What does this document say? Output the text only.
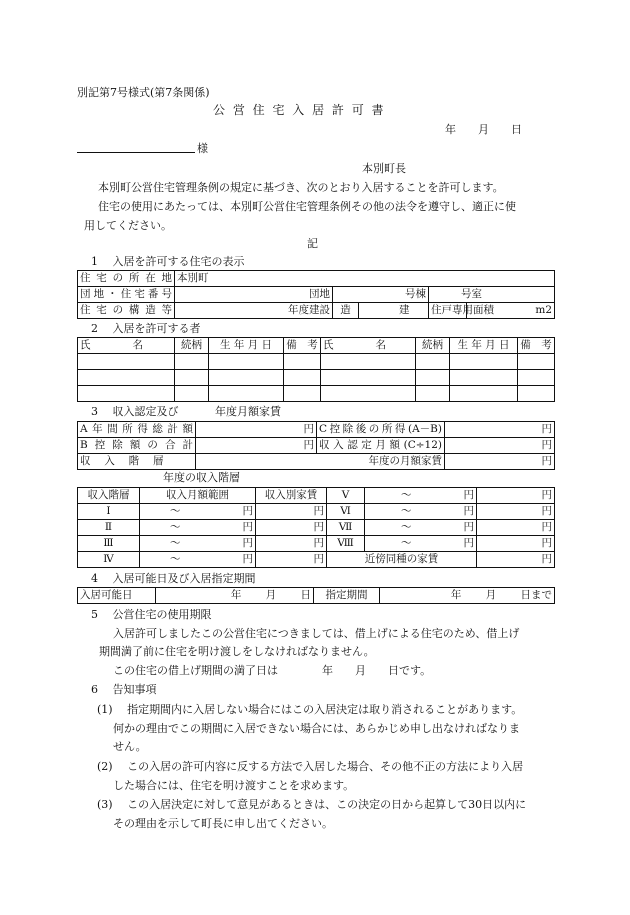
別記第7号様式(第7条関係)
公 営 住 宅 入 居 許 可 書
年　　月　　日
様
本別町長
本別町公営住宅管理条例の規定に基づき、次のとおり入居することを許可します。
住宅の使用にあたっては、本別町公営住宅管理条例その他の法令を遵守し、適正に使
用してください。
記
1　 入居を許可する住宅の表示
住宅の所在地	本別町				
団地・住宅番号	団地	号棟		号室	
住宅の構造等	年度建設	造	建	住戸専用面積	m2
2　 入居を許可する者
氏　　　　名	続柄	生 年 月 日	備　考	氏　　　　名	続柄	生 年 月 日	備　考

3　 収入認定及び　　　 年度月額家賃
A年間所得総計額	円	C控除後の所得(A－B)	円
B控除額の合計	円	収入認定月額(C÷12)	円
収　 入　 階　 層	年度の月額家賃		円
年度の収入階層
収入階層	収入月額範囲	収入別家賃	Ⅴ	～ 円	円
Ⅰ	～ 円	円	Ⅵ	～ 円	円
Ⅱ	～ 円	円	Ⅶ	～ 円	円
Ⅲ	～ 円	円	Ⅷ	～ 円	円
Ⅳ	～ 円	円	近傍同種の家賃		円
4　 入居可能日及び入居指定期間
入居可能日	年　　 月　　 日	指定期間	年　　 月　　 日まで
5　 公営住宅の使用期限
入居許可しましたこの公営住宅につきましては、借上げによる住宅のため、借上げ
期間満了前に住宅を明け渡しをしなければなりません。
この住宅の借上げ期間の満了日は　　　　年　　月　　日です。
6　 告知事項
(1)　 指定期間内に入居しない場合にはこの入居決定は取り消されることがあります。
何かの理由でこの期間に入居できない場合には、あらかじめ申し出なければなりま
せん。
(2)　 この入居の許可内容に反する方法で入居した場合、その他不正の方法により入居
した場合には、住宅を明け渡すことを求めます。
(3)　 この入居決定に対して意見があるときは、この決定の日から起算して30日以内に
その理由を示して町長に申し出てください。
